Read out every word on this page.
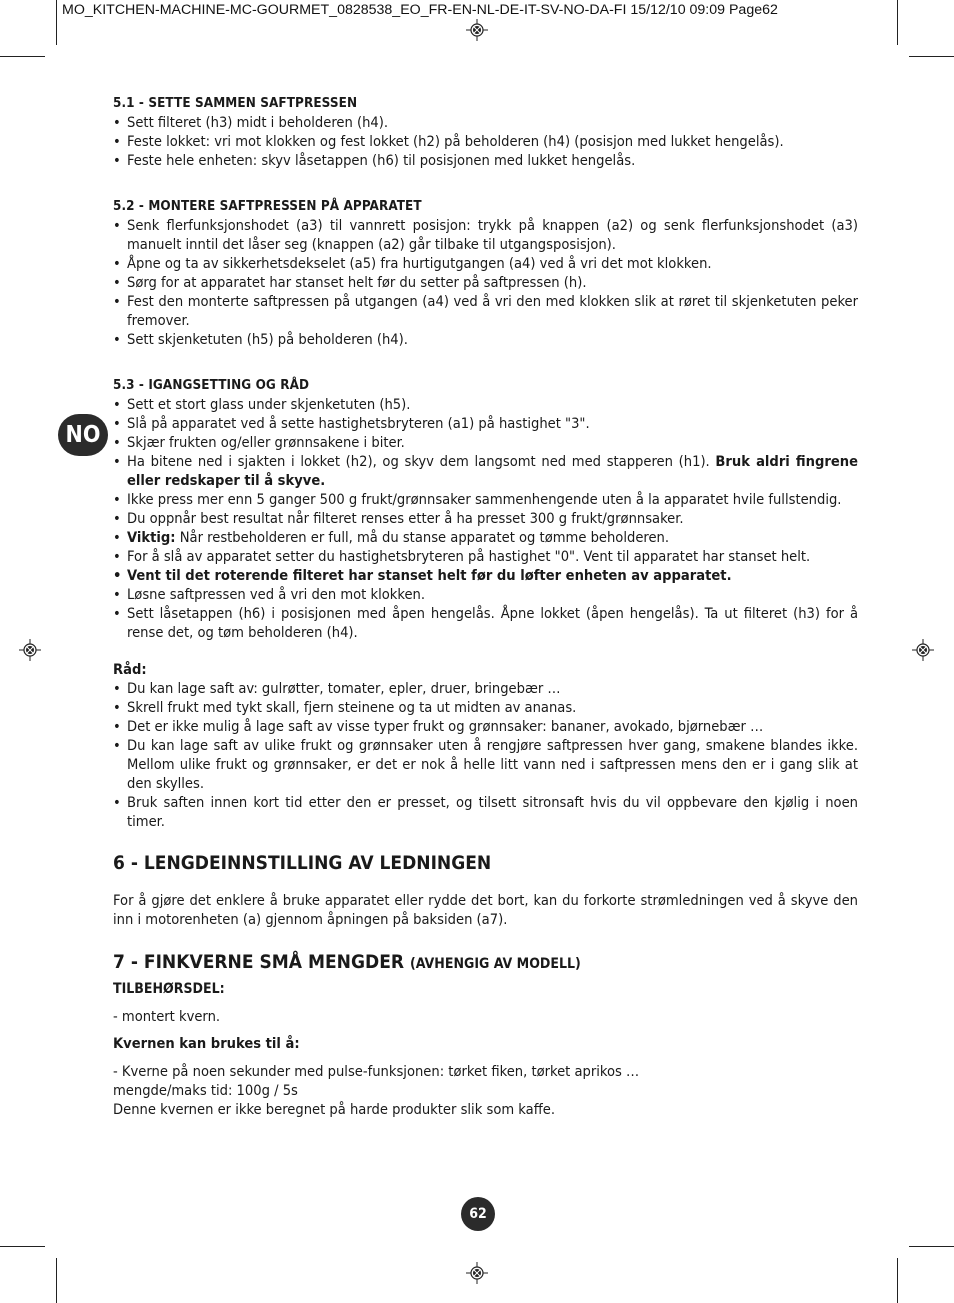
MO_KITCHEN-MACHINE-MC-GOURMET_0828538_EO_FR-EN-NL-DE-IT-SV-NO-DA-FI 15/12/10 09:09 Page62
NO

5.1 - SETTE SAMMEN SAFTPRESSEN

• Sett filteret (h3) midt i beholderen (h4).
• Feste lokket: vri mot klokken og fest lokket (h2) på beholderen (h4) (posisjon med lukket hengelås).
• Feste hele enheten: skyv låsetappen (h6) til posisjonen med lukket hengelås.

5.2 - MONTERE SAFTPRESSEN PÅ APPARATET

• Senk flerfunksjonshodet (a3) til vannrett posisjon: trykk på knappen (a2) og senk flerfunksjonshodet (a3) manuelt inntil det låser seg (knappen (a2) går tilbake til utgangsposisjon).
• Åpne og ta av sikkerhetsdekselet (a5) fra hurtigutgangen (a4) ved å vri det mot klokken.
• Sørg for at apparatet har stanset helt før du setter på saftpressen (h).
• Fest den monterte saftpressen på utgangen (a4) ved å vri den med klokken slik at røret til skjenketuten peker fremover.
• Sett skjenketuten (h5) på beholderen (h4).

5.3 - IGANGSETTING OG RÅD

• Sett et stort glass under skjenketuten (h5).
• Slå på apparatet ved å sette hastighetsbryteren (a1) på hastighet "3".
• Skjær frukten og/eller grønnsakene i biter.
• Ha bitene ned i sjakten i lokket (h2), og skyv dem langsomt ned med stapperen (h1). Bruk aldri fingrene eller redskaper til å skyve.
• Ikke press mer enn 5 ganger 500 g frukt/grønnsaker sammenhengende uten å la apparatet hvile fullstendig.
• Du oppnår best resultat når filteret renses etter å ha presset 300 g frukt/grønnsaker.
• Viktig: Når restbeholderen er full, må du stanse apparatet og tømme beholderen.
• For å slå av apparatet setter du hastighetsbryteren på hastighet "0". Vent til apparatet har stanset helt.
• Vent til det roterende filteret har stanset helt før du løfter enheten av apparatet.
• Løsne saftpressen ved å vri den mot klokken.
• Sett låsetappen (h6) i posisjonen med åpen hengelås. Åpne lokket (åpen hengelås). Ta ut filteret (h3) for å rense det, og tøm beholderen (h4).

Råd:

• Du kan lage saft av: gulrøtter, tomater, epler, druer, bringebær …
• Skrell frukt med tykt skall, fjern steinene og ta ut midten av ananas.
• Det er ikke mulig å lage saft av visse typer frukt og grønnsaker: bananer, avokado, bjørnebær …
• Du kan lage saft av ulike frukt og grønnsaker uten å rengjøre saftpressen hver gang, smakene blandes ikke. Mellom ulike frukt og grønnsaker, er det er nok å helle litt vann ned i saftpressen mens den er i gang slik at den skylles.
• Bruk saften innen kort tid etter den er presset, og tilsett sitronsaft hvis du vil oppbevare den kjølig i noen timer.

6 - LENGDEINNSTILLING AV LEDNINGEN

For å gjøre det enklere å bruke apparatet eller rydde det bort, kan du forkorte strømledningen ved å skyve den inn i motorenheten (a) gjennom åpningen på baksiden (a7).

7 - FINKVERNE SMÅ MENGDER (AVHENGIG AV MODELL)

TILBEHØRSDEL:

- montert kvern.

Kvernen kan brukes til å:

- Kverne på noen sekunder med pulse-funksjonen: tørket fiken, tørket aprikos …

mengde/maks tid: 100g / 5s

Denne kvernen er ikke beregnet på harde produkter slik som kaffe.

62
